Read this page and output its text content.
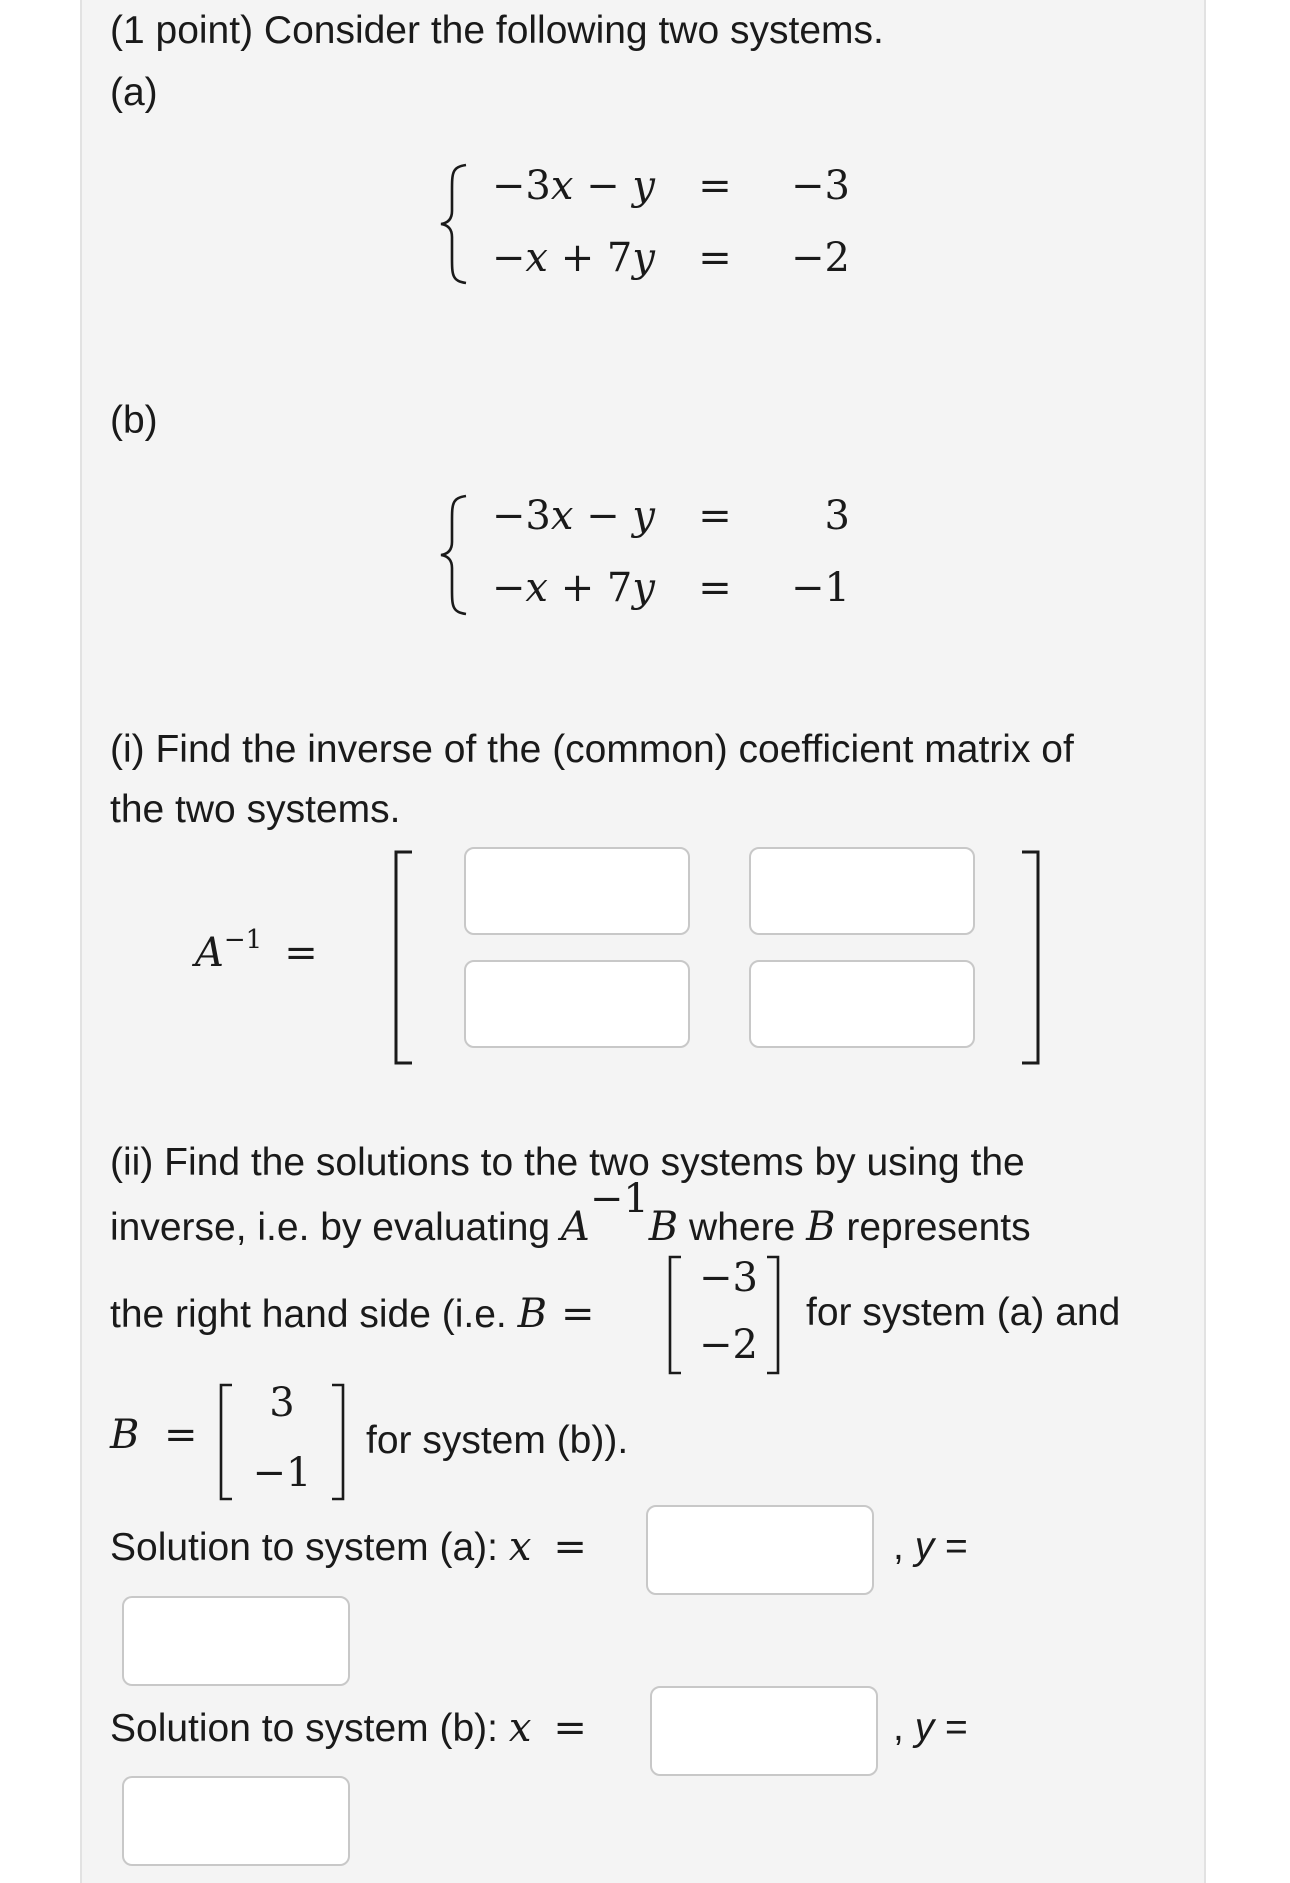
(1 point) Consider the following two systems.
(a)
−3x − y =	−3
−x + 7y =	−2
(b)
−3x − y =	3
−x + 7y =	−1
(i) Find the inverse of the (common) coefficient matrix of
the two systems.
$A^{-1}$ =
(ii) Find the solutions to the two systems by using the
inverse, i.e. by evaluating $A^{-1}B$ where B represents
the right hand side (i.e. B =
−3
−2
for system (a) and
B =
3
−1
for system (b)).
Solution to system (a): x =	, y =
Solution to system (b): x =	, y =
